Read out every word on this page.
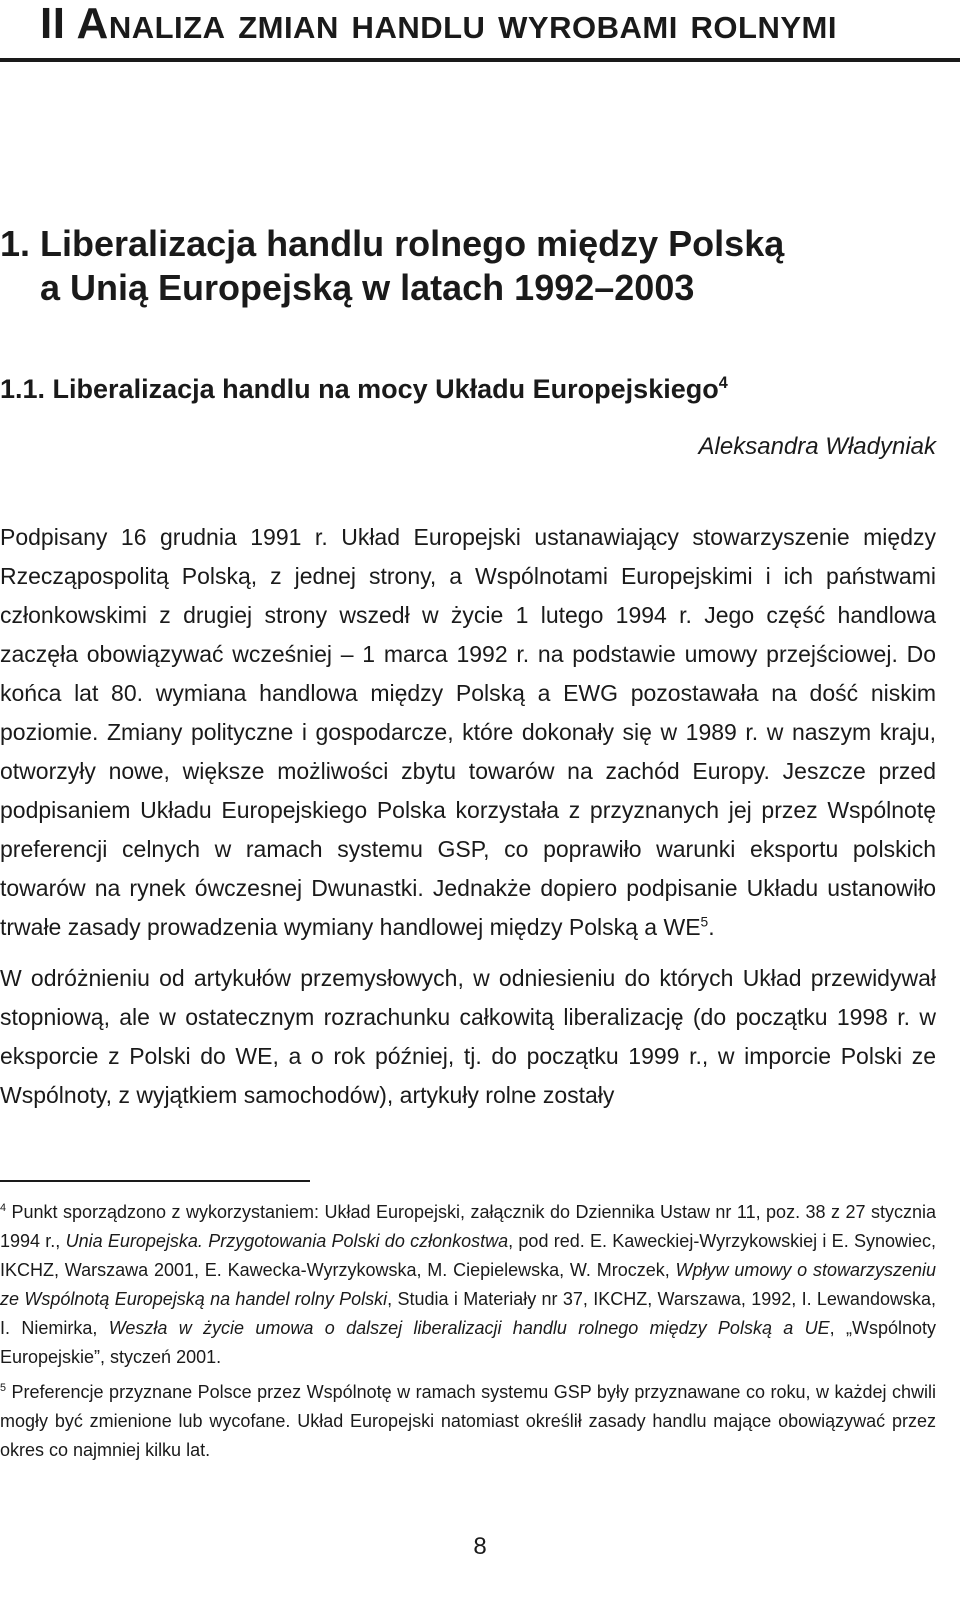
II Analiza zmian handlu wyrobami rolnymi
1. Liberalizacja handlu rolnego między Polską
a Unią Europejską w latach 1992–2003
1.1. Liberalizacja handlu na mocy Układu Europejskiego$^4$

Aleksandra Władyniak

Podpisany 16 grudnia 1991 r. Układ Europejski ustanawiający stowarzyszenie między Rzecząpospolitą Polską, z jednej strony, a Wspólnotami Europejskimi i ich państwami członkowskimi z drugiej strony wszedł w życie 1 lutego 1994 r. Jego część handlowa zaczęła obowiązywać wcześniej – 1 marca 1992 r. na podstawie umowy przejściowej. Do końca lat 80. wymiana handlowa między Polską a EWG pozostawała na dość niskim poziomie. Zmiany polityczne i gospodarcze, które dokonały się w 1989 r. w naszym kraju, otworzyły nowe, większe możliwości zbytu towarów na zachód Europy. Jeszcze przed podpisaniem Układu Europejskiego Polska korzystała z przyznanych jej przez Wspólnotę preferencji celnych w ramach systemu GSP, co poprawiło warunki eksportu polskich towarów na rynek ówczesnej Dwunastki. Jednakże dopiero podpisanie Układu ustanowiło trwałe zasady prowadzenia wymiany handlowej między Polską a $WE^5$.

W odróżnieniu od artykułów przemysłowych, w odniesieniu do których Układ przewidywał stopniową, ale w ostatecznym rozrachunku całkowitą liberalizację (do początku 1998 r. w eksporcie z Polski do WE, a o rok później, tj. do początku 1999 r., w imporcie Polski ze Wspólnoty, z wyjątkiem samochodów), artykuły rolne zostały

$^4$ Punkt sporządzono z wykorzystaniem: Układ Europejski, załącznik do Dziennika Ustaw nr 11, poz. 38 z 27 stycznia 1994 r., Unia Europejska. Przygotowania Polski do członkostwa, pod red. E. Kaweckiej-Wyrzykowskiej i E. Synowiec, IKCHZ, Warszawa 2001, E. Kawecka-Wyrzykowska, M. Ciepielewska, W. Mroczek, Wpływ umowy o stowarzyszeniu ze Wspólnotą Europejską na handel rolny Polski, Studia i Materiały nr 37, IKCHZ, Warszawa, 1992, I. Lewandowska, I. Niemirka, Weszła w życie umowa o dalszej liberalizacji handlu rolnego między Polską a UE, „Wspólnoty Europejskie”, styczeń 2001.

$^5$ Preferencje przyznane Polsce przez Wspólnotę w ramach systemu GSP były przyznawane co roku, w każdej chwili mogły być zmienione lub wycofane. Układ Europejski natomiast określił zasady handlu mające obowiązywać przez okres co najmniej kilku lat.

8
